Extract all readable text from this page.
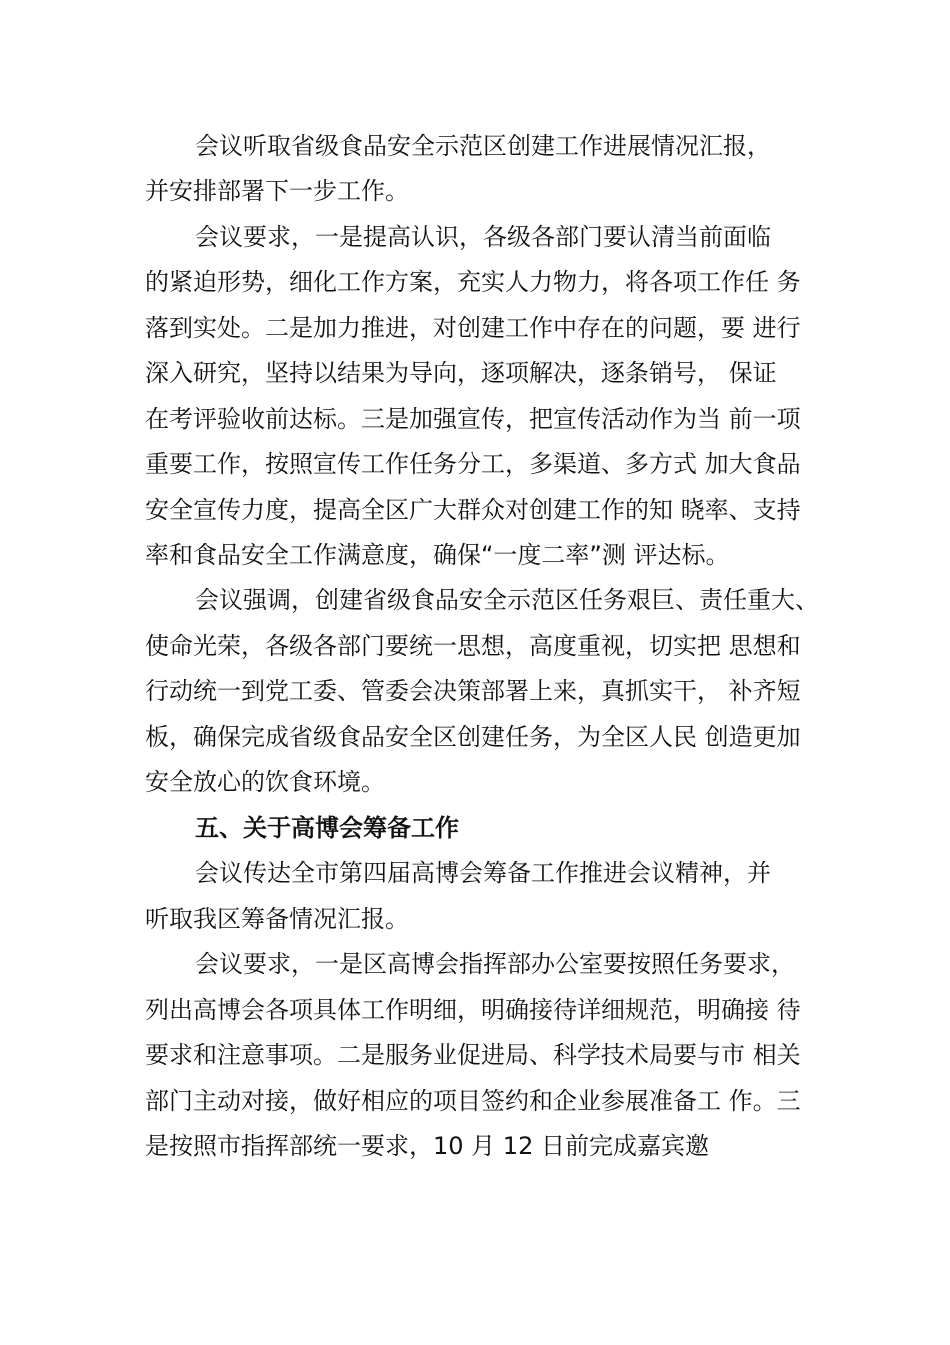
会议听取省级食品安全示范区创建工作进展情况汇报，
并安排部署下一步工作。
会议要求，一是提高认识，各级各部门要认清当前面临
的紧迫形势，细化工作方案，充实人力物力，将各项工作任 务
落到实处。二是加力推进，对创建工作中存在的问题，要 进行
深入研究，坚持以结果为导向，逐项解决，逐条销号， 保证
在考评验收前达标。三是加强宣传，把宣传活动作为当 前一项
重要工作，按照宣传工作任务分工，多渠道、多方式 加大食品
安全宣传力度，提高全区广大群众对创建工作的知 晓率、支持
率和食品安全工作满意度，确保“一度二率”测 评达标。
会议强调，创建省级食品安全示范区任务艰巨、责任重大、
使命光荣，各级各部门要统一思想，高度重视，切实把 思想和
行动统一到党工委、管委会决策部署上来，真抓实干， 补齐短
板，确保完成省级食品安全区创建任务，为全区人民 创造更加
安全放心的饮食环境。
五、关于高博会筹备工作
会议传达全市第四届高博会筹备工作推进会议精神，并
听取我区筹备情况汇报。
会议要求，一是区高博会指挥部办公室要按照任务要求，
列出高博会各项具体工作明细，明确接待详细规范，明确接 待
要求和注意事项。二是服务业促进局、科学技术局要与市 相关
部门主动对接，做好相应的项目签约和企业参展准备工 作。三
是按照市指挥部统一要求，10 月 12 日前完成嘉宾邀
